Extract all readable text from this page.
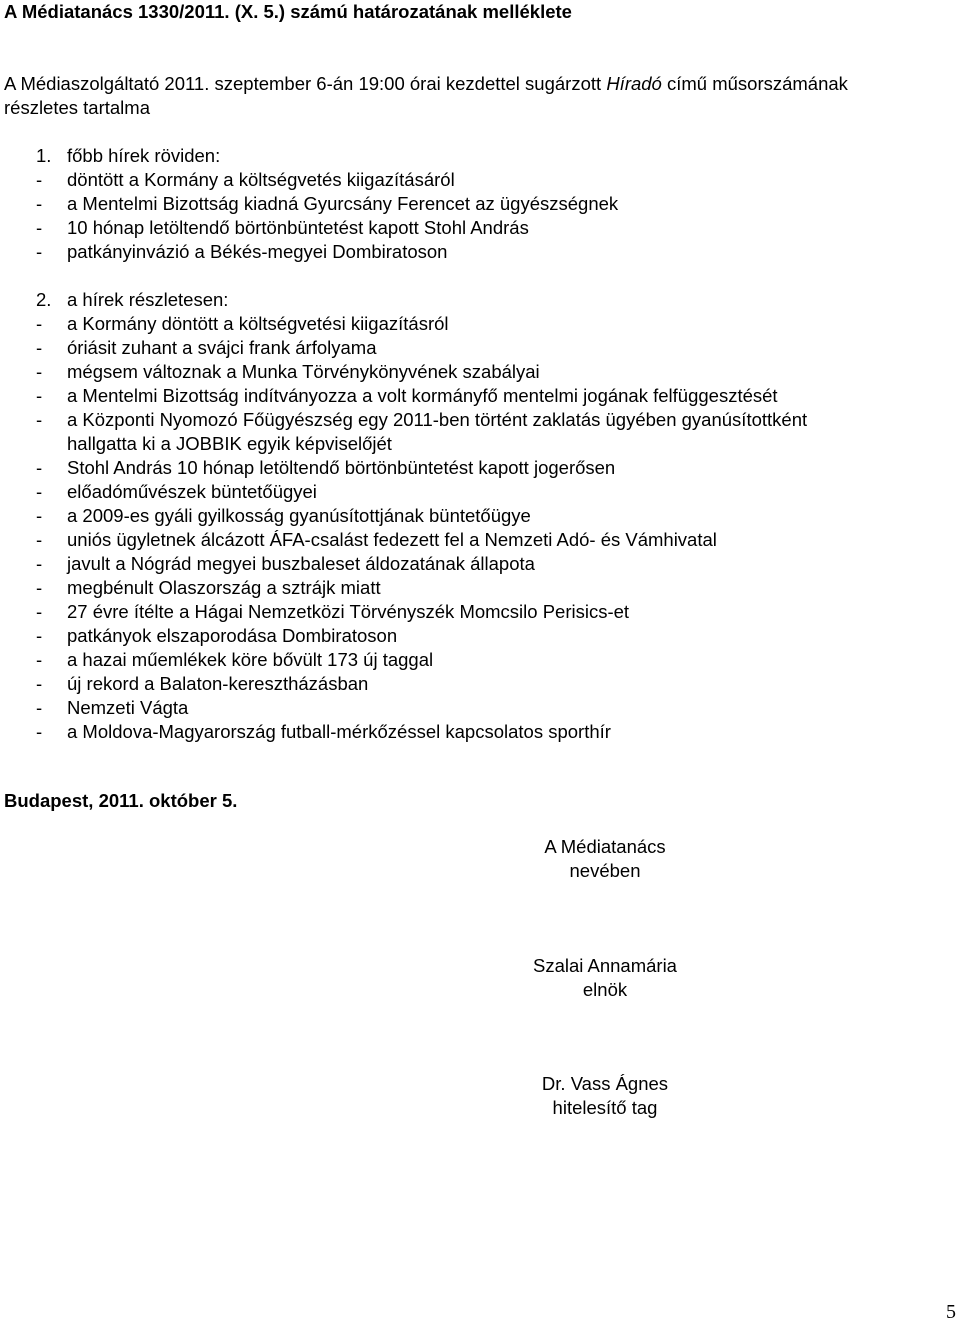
A Médiatanács 1330/2011. (X. 5.) számú határozatának melléklete
A Médiaszolgáltató 2011. szeptember 6-án 19:00 órai kezdettel sugárzott Híradó című műsorszámának
részletes tartalma
1. főbb hírek röviden:
-	döntött a Kormány a költségvetés kiigazításáról
-	a Mentelmi Bizottság kiadná Gyurcsány Ferencet az ügyészségnek
-	10 hónap letöltendő börtönbüntetést kapott Stohl András
-	patkányinvázió a Békés-megyei Dombiratoson
2. a hírek részletesen:
-	a Kormány döntött a költségvetési kiigazításról
-	óriásit zuhant a svájci frank árfolyama
-	mégsem változnak a Munka Törvénykönyvének szabályai
-	a Mentelmi Bizottság indítványozza a volt kormányfő mentelmi jogának felfüggesztését
-	a Központi Nyomozó Főügyészség egy 2011-ben történt zaklatás ügyében gyanúsítottként
hallgatta ki a JOBBIK egyik képviselőjét
-	Stohl András 10 hónap letöltendő börtönbüntetést kapott jogerősen
-	előadóművészek büntetőügyei
-	a 2009-es gyáli gyilkosság gyanúsítottjának büntetőügye
-	uniós ügyletnek álcázott ÁFA-csalást fedezett fel a Nemzeti Adó- és Vámhivatal
-	javult a Nógrád megyei buszbaleset áldozatának állapota
-	megbénult Olaszország a sztrájk miatt
-	27 évre ítélte a Hágai Nemzetközi Törvényszék Momcsilo Perisics-et
-	patkányok elszaporodása Dombiratoson
-	a hazai műemlékek köre bővült 173 új taggal
-	új rekord a Balaton-keresztházásban
-	Nemzeti Vágta
-	a Moldova-Magyarország futball-mérkőzéssel kapcsolatos sporthír
Budapest, 2011. október 5.
A Médiatanács
nevében
Szalai Annamária
elnök
Dr. Vass Ágnes
hitelesítő tag
5
